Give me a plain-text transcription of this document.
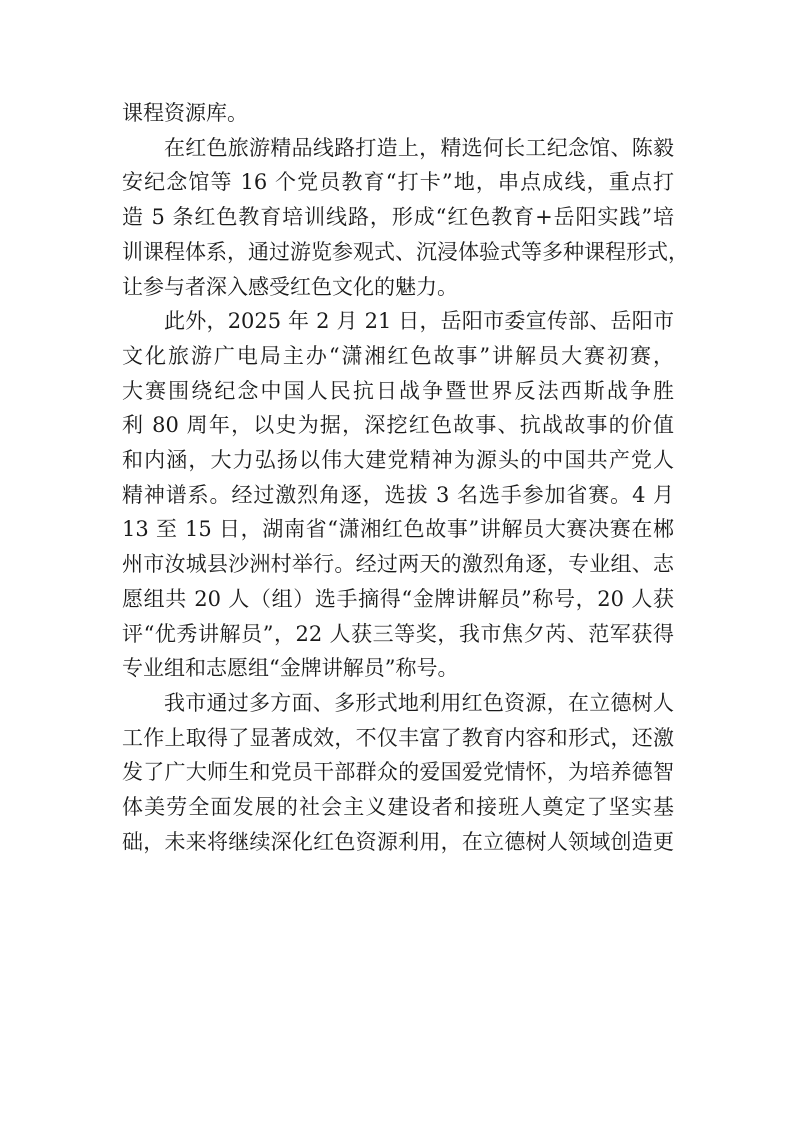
课程资源库。
在红色旅游精品线路打造上，精选何长工纪念馆、陈毅
安纪念馆等 16 个党员教育“打卡”地，串点成线，重点打
造 5 条红色教育培训线路，形成“红色教育+岳阳实践”培
训课程体系，通过游览参观式、沉浸体验式等多种课程形式，
让参与者深入感受红色文化的魅力。
此外，2025 年 2 月 21 日，岳阳市委宣传部、岳阳市
文化旅游广电局主办“潇湘红色故事”讲解员大赛初赛，
大赛围绕纪念中国人民抗日战争暨世界反法西斯战争胜
利 80 周年，以史为据，深挖红色故事、抗战故事的价值
和内涵，大力弘扬以伟大建党精神为源头的中国共产党人
精神谱系。经过激烈角逐，选拔 3 名选手参加省赛。4 月
13 至 15 日，湖南省“潇湘红色故事”讲解员大赛决赛在郴
州市汝城县沙洲村举行。经过两天的激烈角逐，专业组、志
愿组共 20 人（组）选手摘得“金牌讲解员”称号，20 人获
评“优秀讲解员”，22 人获三等奖，我市焦夕芮、范军获得
专业组和志愿组“金牌讲解员”称号。
我市通过多方面、多形式地利用红色资源，在立德树人
工作上取得了显著成效，不仅丰富了教育内容和形式，还激
发了广大师生和党员干部群众的爱国爱党情怀，为培养德智
体美劳全面发展的社会主义建设者和接班人奠定了坚实基
础，未来将继续深化红色资源利用，在立德树人领域创造更
